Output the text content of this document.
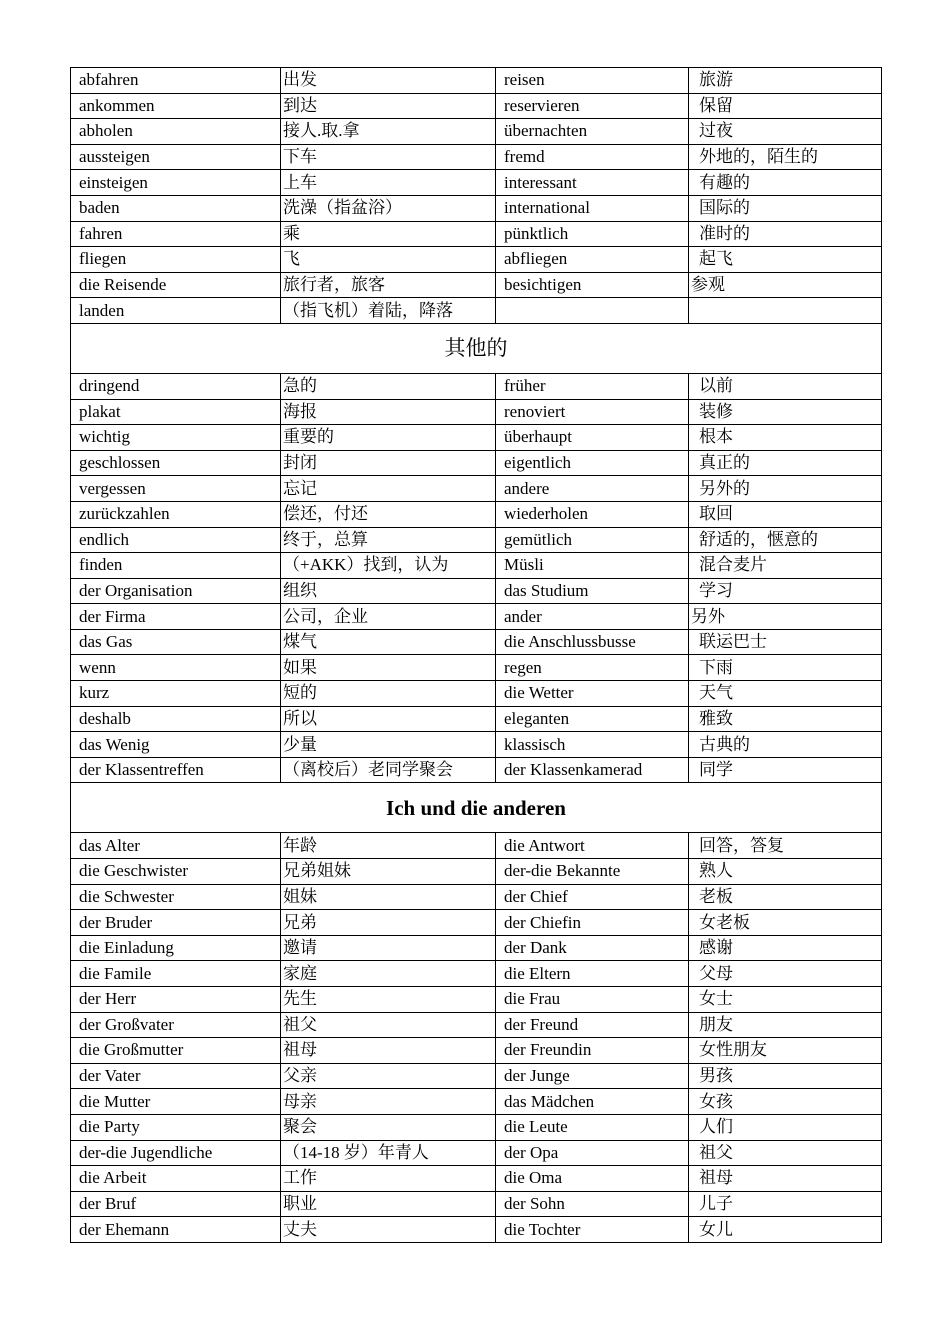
abfahren	出发	reisen	旅游
ankommen	到达	reservieren	保留
abholen	接人.取.拿	übernachten	过夜
aussteigen	下车	fremd	外地的，陌生的
einsteigen	上车	interessant	有趣的
baden	洗澡（指盆浴）	international	国际的
fahren	乘	pünktlich	准时的
fliegen	飞	abfliegen	起飞
die Reisende	旅行者，旅客	besichtigen	参观
landen	（指飞机）着陆，降落		
其他的			
dringend	急的	früher	以前
plakat	海报	renoviert	装修
wichtig	重要的	überhaupt	根本
geschlossen	封闭	eigentlich	真正的
vergessen	忘记	andere	另外的
zurückzahlen	偿还，付还	wiederholen	取回
endlich	终于，总算	gemütlich	舒适的，惬意的
finden	（+AKK）找到，认为	Müsli	混合麦片
der Organisation	组织	das Studium	学习
der Firma	公司，企业	ander	另外
das Gas	煤气	die Anschlussbusse	联运巴士
wenn	如果	regen	下雨
kurz	短的	die Wetter	天气
deshalb	所以	eleganten	雅致
das Wenig	少量	klassisch	古典的
der Klassentreffen	（离校后）老同学聚会	der Klassenkamerad	同学
Ich und die anderen			
das Alter	年龄	die Antwort	回答，答复
die Geschwister	兄弟姐妹	der-die Bekannte	熟人
die Schwester	姐妹	der Chief	老板
der Bruder	兄弟	der Chiefin	女老板
die Einladung	邀请	der Dank	感谢
die Famile	家庭	die Eltern	父母
der Herr	先生	die Frau	女士
der Großvater	祖父	der Freund	朋友
die Großmutter	祖母	der Freundin	女性朋友
der Vater	父亲	der Junge	男孩
die Mutter	母亲	das Mädchen	女孩
die Party	聚会	die Leute	人们
der-die Jugendliche	（14-18 岁）年青人	der Opa	祖父
die Arbeit	工作	die Oma	祖母
der Bruf	职业	der Sohn	儿子
der Ehemann	丈夫	die Tochter	女儿
